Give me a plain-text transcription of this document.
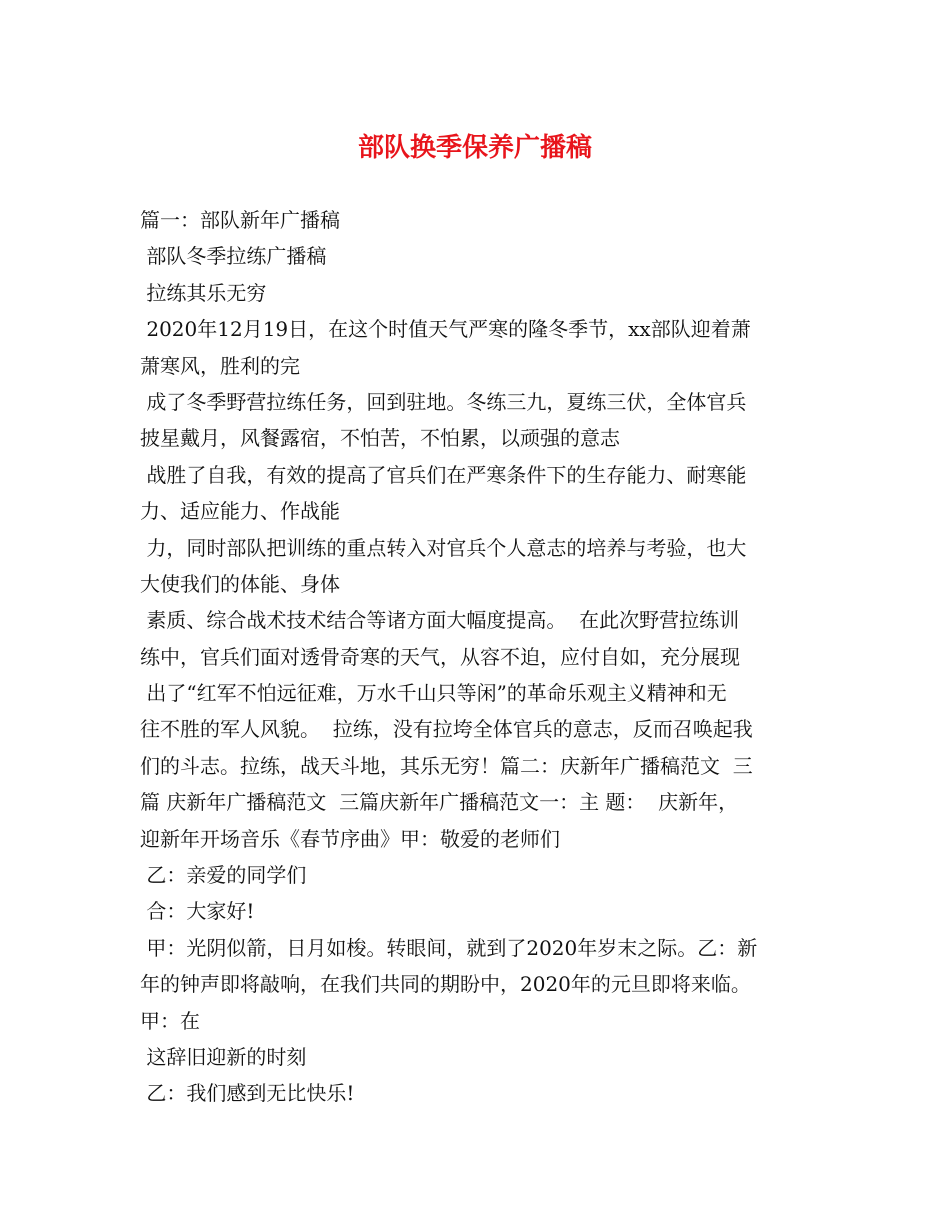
部队换季保养广播稿

篇一：部队新年广播稿

部队冬季拉练广播稿

拉练其乐无穷

2020年12月19日，在这个时值天气严寒的隆冬季节，xx部队迎着萧

萧寒风，胜利的完

成了冬季野营拉练任务，回到驻地。冬练三九，夏练三伏，全体官兵

披星戴月，风餐露宿，不怕苦，不怕累，以顽强的意志

战胜了自我，有效的提高了官兵们在严寒条件下的生存能力、耐寒能

力、适应能力、作战能

力，同时部队把训练的重点转入对官兵个人意志的培养与考验，也大

大使我们的体能、身体

素质、综合战术技术结合等诸方面大幅度提高。  在此次野营拉练训

练中，官兵们面对透骨奇寒的天气，从容不迫，应付自如，充分展现

出了“红军不怕远征难，万水千山只等闲”的革命乐观主义精神和无

往不胜的军人风貌。  拉练，没有拉垮全体官兵的意志，反而召唤起我

们的斗志。拉练，战天斗地，其乐无穷！篇二：庆新年广播稿范文  三

篇 庆新年广播稿范文  三篇庆新年广播稿范文一：主 题：  庆新年，

迎新年开场音乐《春节序曲》甲：敬爱的老师们

乙：亲爱的同学们

合：大家好!

甲：光阴似箭，日月如梭。转眼间，就到了2020年岁末之际。乙：新

年的钟声即将敲响，在我们共同的期盼中，2020年的元旦即将来临。

甲：在

这辞旧迎新的时刻

乙：我们感到无比快乐!
